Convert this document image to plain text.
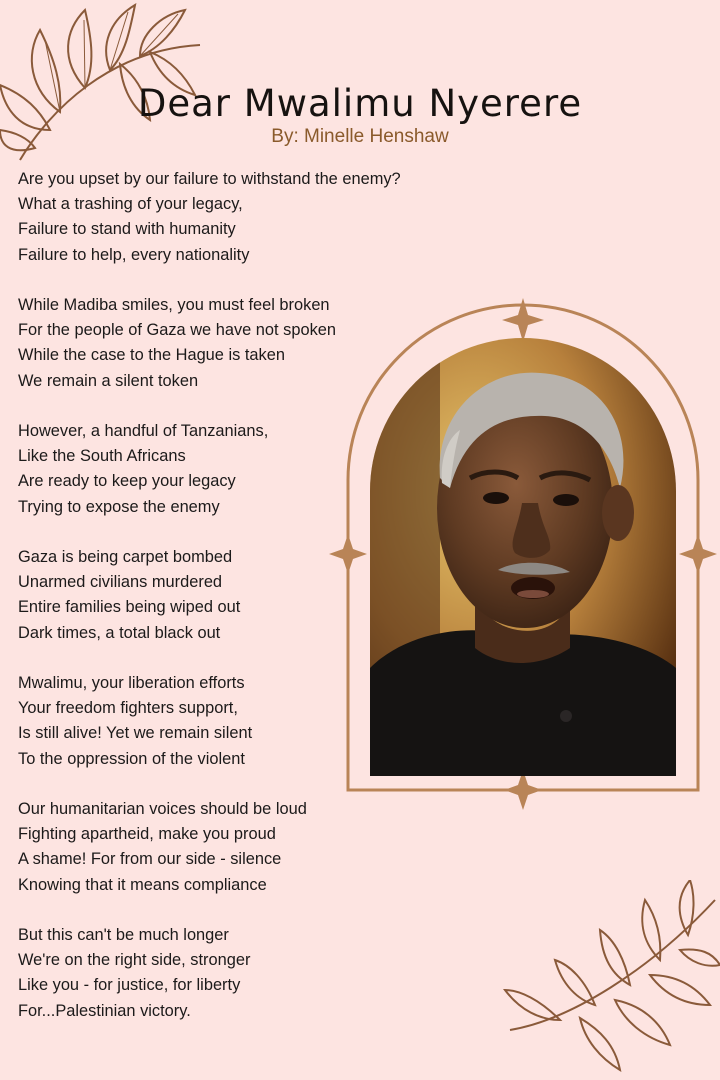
Dear Mwalimu Nyerere
By: Minelle Henshaw
Are you upset by our failure to withstand the enemy?
What a trashing of your legacy,
Failure to stand with humanity
Failure to help, every nationality
While Madiba smiles, you must feel broken
For the people of Gaza we have not spoken
While the case to the Hague is taken
We remain a silent token
However, a handful of Tanzanians,
Like the South Africans
Are ready to keep your legacy
Trying to expose the enemy
Gaza is being carpet bombed
Unarmed civilians murdered
Entire families being wiped out
Dark times, a total black out
Mwalimu, your liberation efforts
Your freedom fighters support,
Is still alive! Yet we remain silent
To the oppression of the violent
Our humanitarian voices should be loud
Fighting apartheid, make you proud
A shame! For from our side - silence
Knowing that it means compliance
But this can't be much longer
We're on the right side, stronger
Like you - for justice, for liberty
For...Palestinian victory.
